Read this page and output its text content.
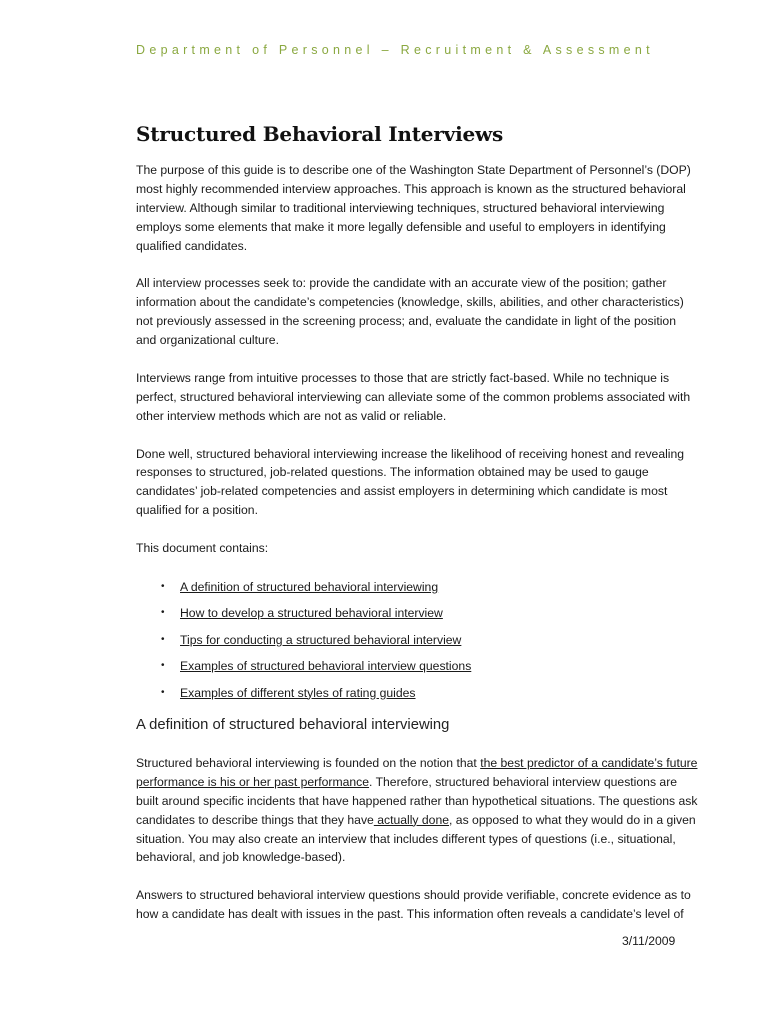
Department of Personnel – Recruitment & Assessment
Structured Behavioral Interviews

The purpose of this guide is to describe one of the Washington State Department of Personnel’s (DOP) most highly recommended interview approaches. This approach is known as the structured behavioral interview. Although similar to traditional interviewing techniques, structured behavioral interviewing employs some elements that make it more legally defensible and useful to employers in identifying qualified candidates.

All interview processes seek to: provide the candidate with an accurate view of the position; gather information about the candidate’s competencies (knowledge, skills, abilities, and other characteristics) not previously assessed in the screening process; and, evaluate the candidate in light of the position and organizational culture.

Interviews range from intuitive processes to those that are strictly fact-based. While no technique is perfect, structured behavioral interviewing can alleviate some of the common problems associated with other interview methods which are not as valid or reliable.

Done well, structured behavioral interviewing increase the likelihood of receiving honest and revealing responses to structured, job-related questions. The information obtained may be used to gauge candidates’ job-related competencies and assist employers in determining which candidate is most qualified for a position.

This document contains:

• A definition of structured behavioral interviewing
• How to develop a structured behavioral interview
• Tips for conducting a structured behavioral interview
• Examples of structured behavioral interview questions
• Examples of different styles of rating guides
A definition of structured behavioral interviewing

Structured behavioral interviewing is founded on the notion that the best predictor of a candidate’s future performance is his or her past performance. Therefore, structured behavioral interview questions are built around specific incidents that have happened rather than hypothetical situations. The questions ask candidates to describe things that they have actually done, as opposed to what they would do in a given situation. You may also create an interview that includes different types of questions (i.e., situational, behavioral, and job knowledge-based).

Answers to structured behavioral interview questions should provide verifiable, concrete evidence as to how a candidate has dealt with issues in the past. This information often reveals a candidate’s level of

3/11/2009
